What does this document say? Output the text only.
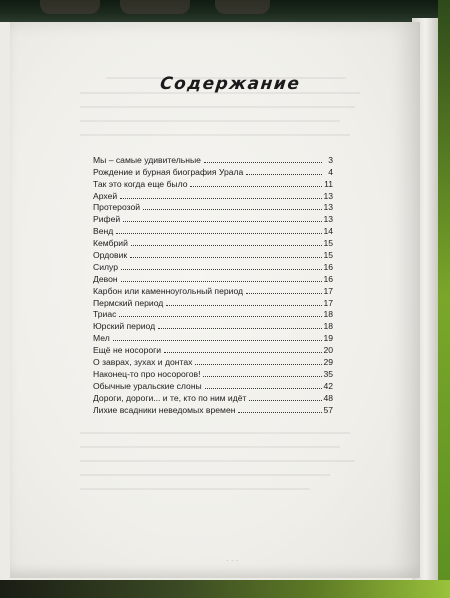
· · ·
Содержание
Мы – самые удивительные	3
Рождение и бурная биография Урала	4
Так это когда еще было	11
Архей	13
Протерозой	13
Рифей	13
Венд	14
Кембрий	15
Ордовик	15
Силур	16
Девон	16
Карбон или каменноугольный период	17
Пермский период	17
Триас	18
Юрский период	18
Мел	19
Ещё не носороги	20
О заврах, зухах и донтах	29
Наконец-то про носорогов!	35
Обычные уральские слоны	42
Дороги, дороги... и те, кто по ним идёт	48
Лихие всадники неведомых времен	57
